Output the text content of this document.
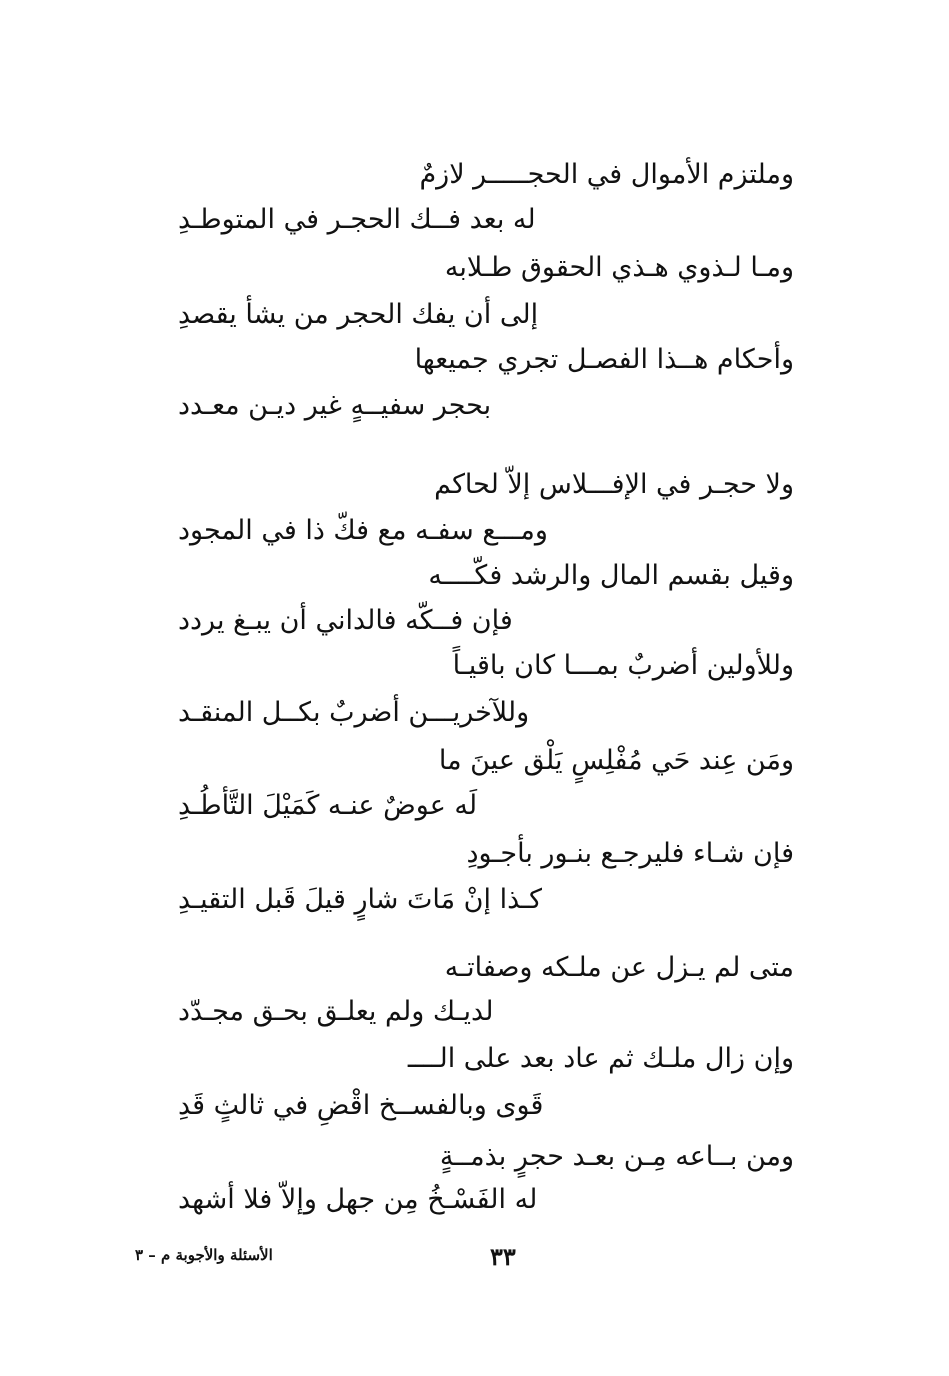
وملتزم الأموال في الحجـــــر لازمٌ
له بعد فــك الحجـر في المتوطـدِ
ومـا لـذوي هـذي الحقوق طـلابه
إلى أن يفك الحجر من يشأ يقصدِ
وأحكام هــذا الفصـل تجري جميعها
بحجر سفيــهٍ غير ديـن معـدد
ولا حجـر في الإفـــلاس إلاّ لحاكم
ومـــع سفـه مع فكّ ذا في المجود
وقيل بقسم المال والرشد فكّــــه
فإن فــكّه فالداني أن يبـغ يردد
وللأولين أضربٌ بمـــا كان باقيـاً
وللآخريـــن أضربٌ بكــل المنقـد
ومَن عِند حَي مُفْلِسٍ يَلْق عينَ ما
لَه عوضٌ عنـه كَمَيْلَ التَّأطُـدِ
فإن شـاء فليرجـع بنـور بأجـودِ
كـذا إنْ مَاتَ شارٍ قيلَ قَبل التقيـدِ
متى لم يـزل عن ملـكه وصفاتـه
لديـك ولم يعلـق بحـق مجـدّد
وإن زال ملـك ثم عاد بعد على الــــ
قَوى وبالفســخ اقْضِ في ثالثٍ قَدِ
ومن بــاعه مِـن بعـد حجرٍ بذمــةٍ
له الفَسْـخُ مِن جهل وإلاّ فلا أشهد
الأسئلة والأجوبة م – ٣	٣٣
